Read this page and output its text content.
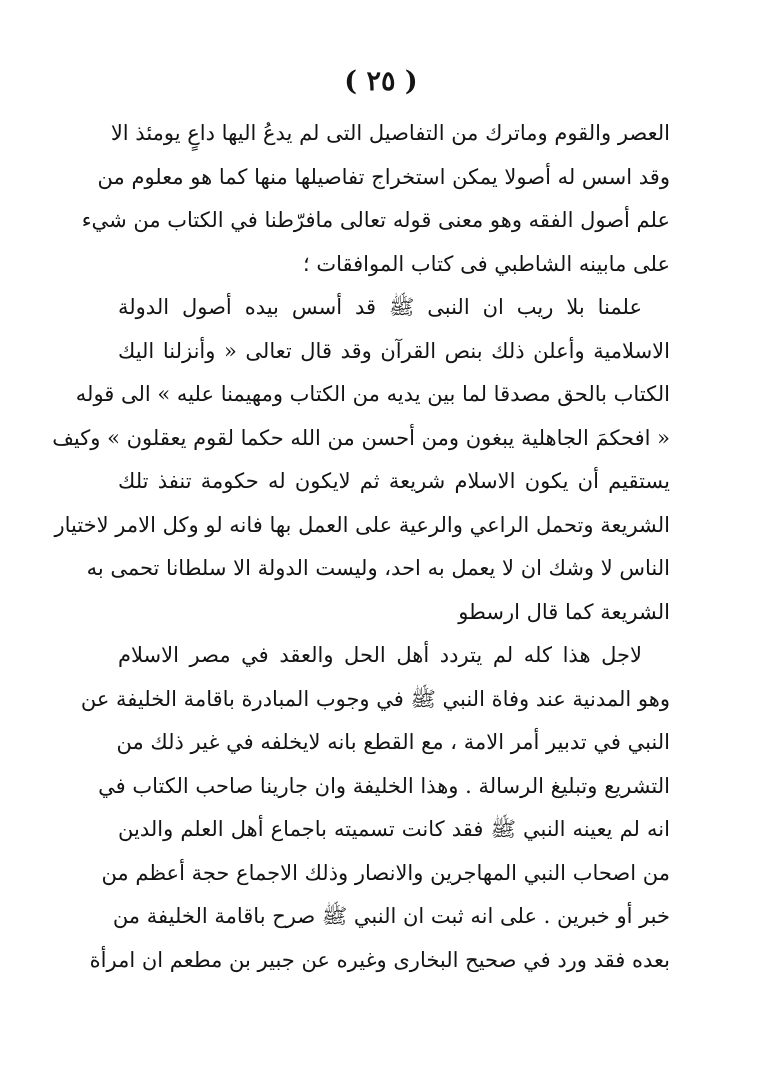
( ٢٥ )
العصر والقوم وماترك من التفاصيل التى لم يدعُ اليها داعٍ يومئذ الا
وقد اسس له أصولا يمكن استخراج تفاصيلها منها كما هو معلوم من
علم أصول الفقه وهو معنى قوله تعالى مافرّطنا في الكتاب من شيء
على مابينه الشاطبي فى كتاب الموافقات ؛
علمنا بلا ريب ان النبى ﷺ قد أسس بيده أصول الدولة
الاسلامية وأعلن ذلك بنص القرآن وقد قال تعالى « وأنزلنا اليك
الكتاب بالحق مصدقا لما بين يديه من الكتاب ومهيمنا عليه » الى قوله
« افحكمَ الجاهلية يبغون ومن أحسن من الله حكما لقوم يعقلون » وكيف
يستقيم أن يكون الاسلام شريعة ثم لايكون له حكومة تنفذ تلك
الشريعة وتحمل الراعي والرعية على العمل بها فانه لو وكل الامر لاختيار
الناس لا وشك ان لا يعمل به احد، وليست الدولة الا سلطانا تحمى به
الشريعة كما قال ارسطو
لاجل هذا كله لم يتردد أهل الحل والعقد في مصر الاسلام
وهو المدنية عند وفاة النبي ﷺ في وجوب المبادرة باقامة الخليفة عن
النبي في تدبير أمر الامة ، مع القطع بانه لايخلفه في غير ذلك من
التشريع وتبليغ الرسالة . وهذا الخليفة وان جارينا صاحب الكتاب في
انه لم يعينه النبي ﷺ فقد كانت تسميته باجماع أهل العلم والدين
من اصحاب النبي المهاجرين والانصار وذلك الاجماع حجة أعظم من
خبر أو خبرين . على انه ثبت ان النبي ﷺ صرح باقامة الخليفة من
بعده فقد ورد في صحيح البخارى وغيره عن جبير بن مطعم ان امرأة
